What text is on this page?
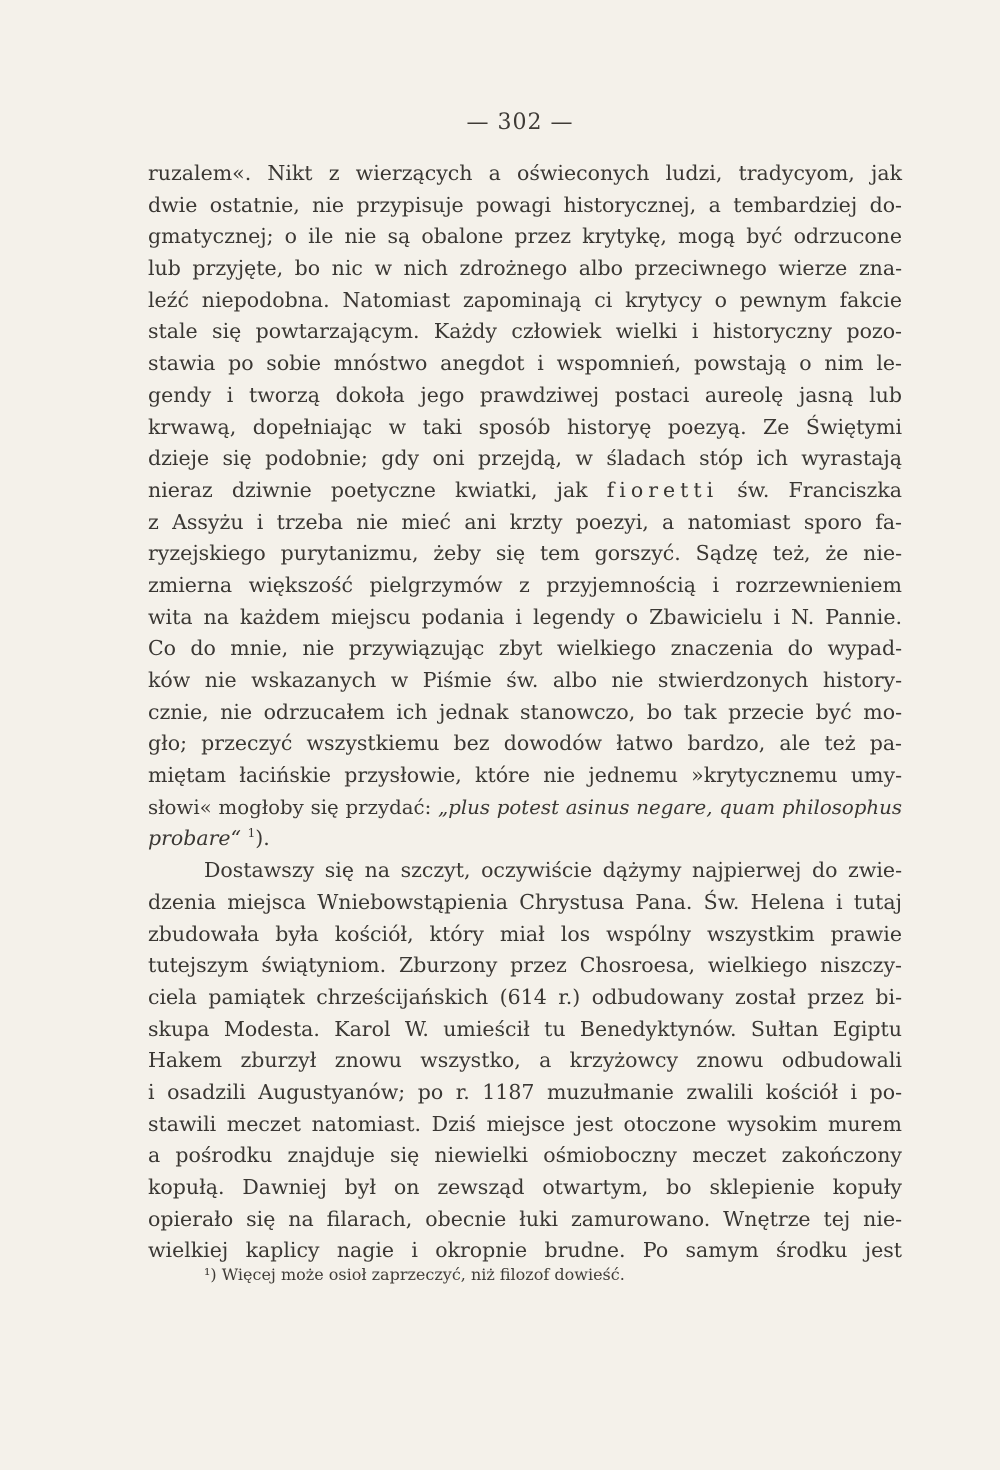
— 302 —
ruzalem«. Nikt z wierzących a oświeconych ludzi, tradycyom, jak
dwie ostatnie, nie przypisuje powagi historycznej, a tembardziej do-
gmatycznej; o ile nie są obalone przez krytykę, mogą być odrzucone
lub przyjęte, bo nic w nich zdrożnego albo przeciwnego wierze zna-
leźć niepodobna. Natomiast zapominają ci krytycy o pewnym fakcie
stale się powtarzającym. Każdy człowiek wielki i historyczny pozo-
stawia po sobie mnóstwo anegdot i wspomnień, powstają o nim le-
gendy i tworzą dokoła jego prawdziwej postaci aureolę jasną lub
krwawą, dopełniając w taki sposób historyę poezyą. Ze Świętymi
dzieje się podobnie; gdy oni przejdą, w śladach stóp ich wyrastają
nieraz dziwnie poetyczne kwiatki, jak fioretti św. Franciszka
z Assyżu i trzeba nie mieć ani krzty poezyi, a natomiast sporo fa-
ryzejskiego purytanizmu, żeby się tem gorszyć. Sądzę też, że nie-
zmierna większość pielgrzymów z przyjemnością i rozrzewnieniem
wita na każdem miejscu podania i legendy o Zbawicielu i N. Pannie.
Co do mnie, nie przywiązując zbyt wielkiego znaczenia do wypad-
ków nie wskazanych w Piśmie św. albo nie stwierdzonych history-
cznie, nie odrzucałem ich jednak stanowczo, bo tak przecie być mo-
gło; przeczyć wszystkiemu bez dowodów łatwo bardzo, ale też pa-
miętam łacińskie przysłowie, które nie jednemu »krytycznemu umy-
słowi« mogłoby się przydać: „plus potest asinus negare, quam philosophus
probare“ $^1$).
Dostawszy się na szczyt, oczywiście dążymy najpierwej do zwie-
dzenia miejsca Wniebowstąpienia Chrystusa Pana. Św. Helena i tutaj
zbudowała była kościół, który miał los wspólny wszystkim prawie
tutejszym świątyniom. Zburzony przez Chosroesa, wielkiego niszczy-
ciela pamiątek chrześcijańskich (614 r.) odbudowany został przez bi-
skupa Modesta. Karol W. umieścił tu Benedyktynów. Sułtan Egiptu
Hakem zburzył znowu wszystko, a krzyżowcy znowu odbudowali
i osadzili Augustyanów; po r. 1187 muzułmanie zwalili kościół i po-
stawili meczet natomiast. Dziś miejsce jest otoczone wysokim murem
a pośrodku znajduje się niewielki ośmioboczny meczet zakończony
kopułą. Dawniej był on zewsząd otwartym, bo sklepienie kopuły
opierało się na filarach, obecnie łuki zamurowano. Wnętrze tej nie-
wielkiej kaplicy nagie i okropnie brudne. Po samym środku jest
¹) Więcej może osioł zaprzeczyć, niż filozof dowieść.
